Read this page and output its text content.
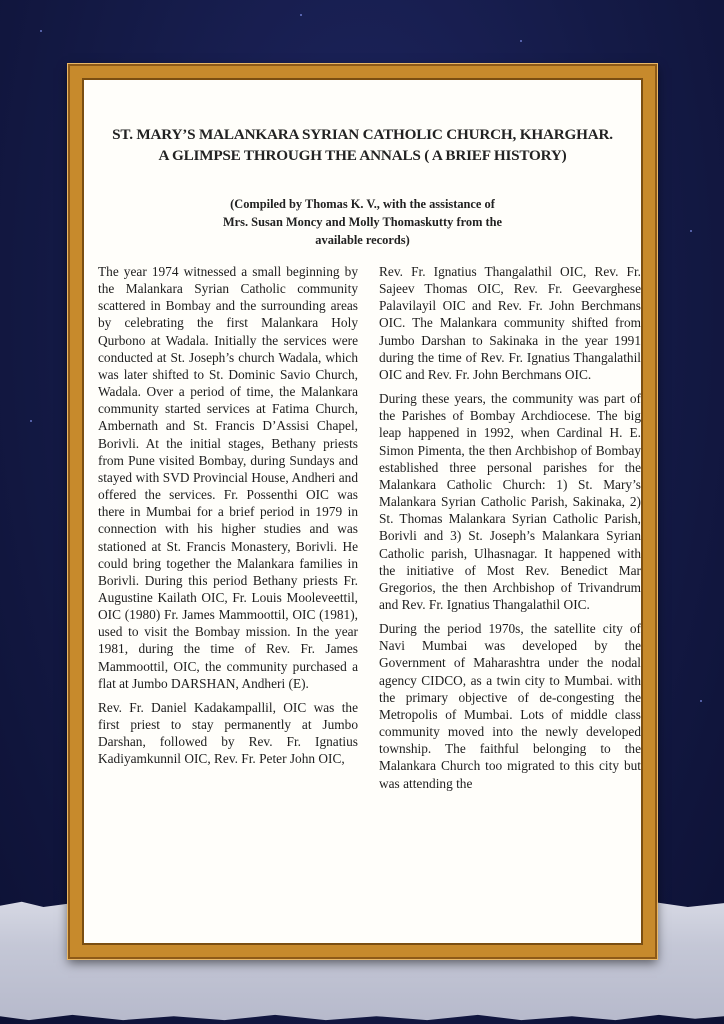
ST. MARY’S MALANKARA SYRIAN CATHOLIC CHURCH, KHARGHAR.
A GLIMPSE THROUGH THE ANNALS ( A BRIEF HISTORY)
(Compiled by Thomas K. V., with the assistance of
Mrs. Susan Moncy and Molly Thomaskutty from the
available records)

The year 1974 witnessed a small beginning by the Malankara Syrian Catholic community scattered in Bombay and the surrounding areas by celebrating the first Malankara Holy Qurbono at Wadala. Initially the services were conducted at St. Joseph’s church Wadala, which was later shifted to St. Dominic Savio Church, Wadala. Over a period of time, the Malankara community started services at Fatima Church, Ambernath and St. Francis D’Assisi Chapel, Borivli. At the initial stages, Bethany priests from Pune visited Bombay, during Sundays and stayed with SVD Provincial House, Andheri and offered the services. Fr. Possenthi OIC was there in Mumbai for a brief period in 1979 in connection with his higher studies and was stationed at St. Francis Monastery, Borivli. He could bring together the Malankara families in Borivli. During this period Bethany priests Fr. Augustine Kailath OIC, Fr. Louis Mooleveettil, OIC (1980) Fr. James Mammoottil, OIC (1981), used to visit the Bombay mission. In the year 1981, during the time of Rev. Fr. James Mammoottil, OIC, the community purchased a flat at Jumbo DARSHAN, Andheri (E).

Rev. Fr. Daniel Kadakampallil, OIC was the first priest to stay permanently at Jumbo Darshan, followed by Rev. Fr. Ignatius Kadiyamkunnil OIC, Rev. Fr. Peter John OIC,

Rev. Fr. Ignatius Thangalathil OIC, Rev. Fr. Sajeev Thomas OIC, Rev. Fr. Geevarghese Palavilayil OIC and Rev. Fr. John Berchmans OIC. The Malankara community shifted from Jumbo Darshan to Sakinaka in the year 1991 during the time of Rev. Fr. Ignatius Thangalathil OIC and Rev. Fr. John Berchmans OIC.

During these years, the community was part of the Parishes of Bombay Archdiocese. The big leap happened in 1992, when Cardinal H. E. Simon Pimenta, the then Archbishop of Bombay established three personal parishes for the Malankara Catholic Church: 1) St. Mary’s Malankara Syrian Catholic Parish, Sakinaka, 2) St. Thomas Malankara Syrian Catholic Parish, Borivli and 3) St. Joseph’s Malankara Syrian Catholic parish, Ulhasnagar. It happened with the initiative of Most Rev. Benedict Mar Gregorios, the then Archbishop of Trivandrum and Rev. Fr. Ignatius Thangalathil OIC.

During the period 1970s, the satellite city of Navi Mumbai was developed by the Government of Maharashtra under the nodal agency CIDCO, as a twin city to Mumbai. with the primary objective of de-congesting the Metropolis of Mumbai. Lots of middle class community moved into the newly developed township. The faithful belonging to the Malankara Church too migrated to this city but was attending the
